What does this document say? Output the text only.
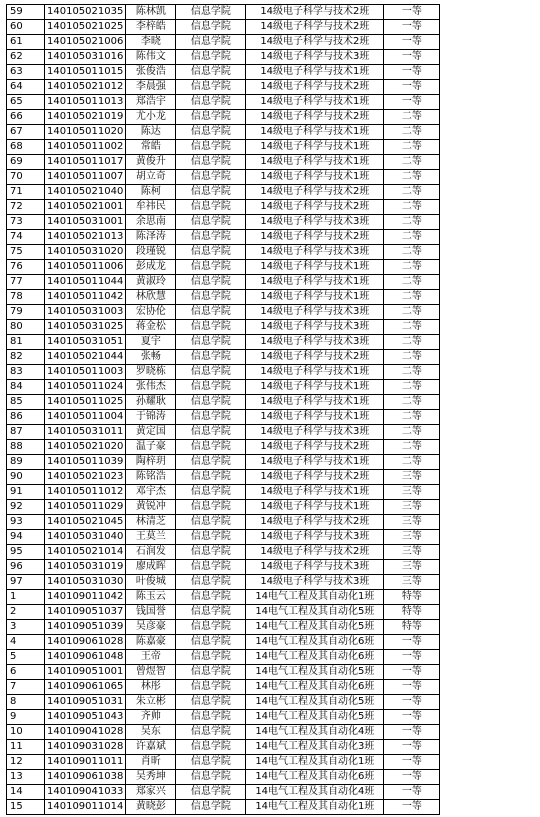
59	140105021035	陈林凯	信息学院	14级电子科学与技术2班	一等
60	140105021025	李梓皓	信息学院	14级电子科学与技术2班	一等
61	140105021006	李晓	信息学院	14级电子科学与技术2班	一等
62	140105031016	陈伟文	信息学院	14级电子科学与技术3班	一等
63	140105011015	张俊浩	信息学院	14级电子科学与技术1班	一等
64	140105021012	李晨强	信息学院	14级电子科学与技术2班	一等
65	140105011013	郑浩宇	信息学院	14级电子科学与技术1班	一等
66	140105021019	尤小龙	信息学院	14级电子科学与技术2班	二等
67	140105011020	陈达	信息学院	14级电子科学与技术1班	二等
68	140105011002	常皓	信息学院	14级电子科学与技术1班	二等
69	140105011017	黄俊升	信息学院	14级电子科学与技术1班	二等
70	140105011007	胡立奇	信息学院	14级电子科学与技术1班	二等
71	140105021040	陈柯	信息学院	14级电子科学与技术2班	二等
72	140105021001	牟祎民	信息学院	14级电子科学与技术2班	二等
73	140105031001	余思南	信息学院	14级电子科学与技术3班	二等
74	140105021013	陈泽涛	信息学院	14级电子科学与技术2班	二等
75	140105031020	段瑾锐	信息学院	14级电子科学与技术3班	二等
76	140105011006	彭成龙	信息学院	14级电子科学与技术1班	二等
77	140105011044	黄淑玲	信息学院	14级电子科学与技术1班	二等
78	140105011042	林欣慧	信息学院	14级电子科学与技术1班	二等
79	140105031003	宏协伦	信息学院	14级电子科学与技术3班	二等
80	140105031025	蒋金松	信息学院	14级电子科学与技术3班	二等
81	140105031051	夏宇	信息学院	14级电子科学与技术3班	二等
82	140105021044	张畅	信息学院	14级电子科学与技术2班	二等
83	140105011003	罗晓栋	信息学院	14级电子科学与技术1班	二等
84	140105011024	张伟杰	信息学院	14级电子科学与技术1班	二等
85	140105011025	孙耀耿	信息学院	14级电子科学与技术1班	二等
86	140105011004	于锦涛	信息学院	14级电子科学与技术1班	二等
87	140105031011	黄定国	信息学院	14级电子科学与技术3班	二等
88	140105021020	温子豪	信息学院	14级电子科学与技术2班	二等
89	140105011039	陶梓玥	信息学院	14级电子科学与技术1班	二等
90	140105021023	陈铭浩	信息学院	14级电子科学与技术2班	三等
91	140105011012	邓宇杰	信息学院	14级电子科学与技术1班	三等
92	140105011029	黄锐冲	信息学院	14级电子科学与技术1班	三等
93	140105021045	林清芝	信息学院	14级电子科学与技术2班	三等
94	140105031040	王莫兰	信息学院	14级电子科学与技术3班	三等
95	140105021014	石润发	信息学院	14级电子科学与技术2班	三等
96	140105031019	廖成晖	信息学院	14级电子科学与技术3班	三等
97	140105031030	叶俊城	信息学院	14级电子科学与技术3班	三等
1	140109011042	陈玉云	信息学院	14电气工程及其自动化1班	特等
2	140109051037	钱国誉	信息学院	14电气工程及其自动化5班	特等
3	140109051039	吴彦豪	信息学院	14电气工程及其自动化5班	特等
4	140109061028	陈嘉豪	信息学院	14电气工程及其自动化6班	一等
5	140109061048	王帝	信息学院	14电气工程及其自动化6班	一等
6	140109051001	曾煜智	信息学院	14电气工程及其自动化5班	一等
7	140109061065	林彤	信息学院	14电气工程及其自动化6班	一等
8	140109051031	朱立彬	信息学院	14电气工程及其自动化5班	一等
9	140109051043	齐帅	信息学院	14电气工程及其自动化5班	一等
10	140109041028	吴东	信息学院	14电气工程及其自动化4班	一等
11	140109031028	许嘉斌	信息学院	14电气工程及其自动化3班	一等
12	140109011011	肖昕	信息学院	14电气工程及其自动化1班	一等
13	140109061038	吴秀坤	信息学院	14电气工程及其自动化6班	一等
14	140109041033	郑家兴	信息学院	14电气工程及其自动化4班	一等
15	140109011014	黄晓彭	信息学院	14电气工程及其自动化1班	一等
